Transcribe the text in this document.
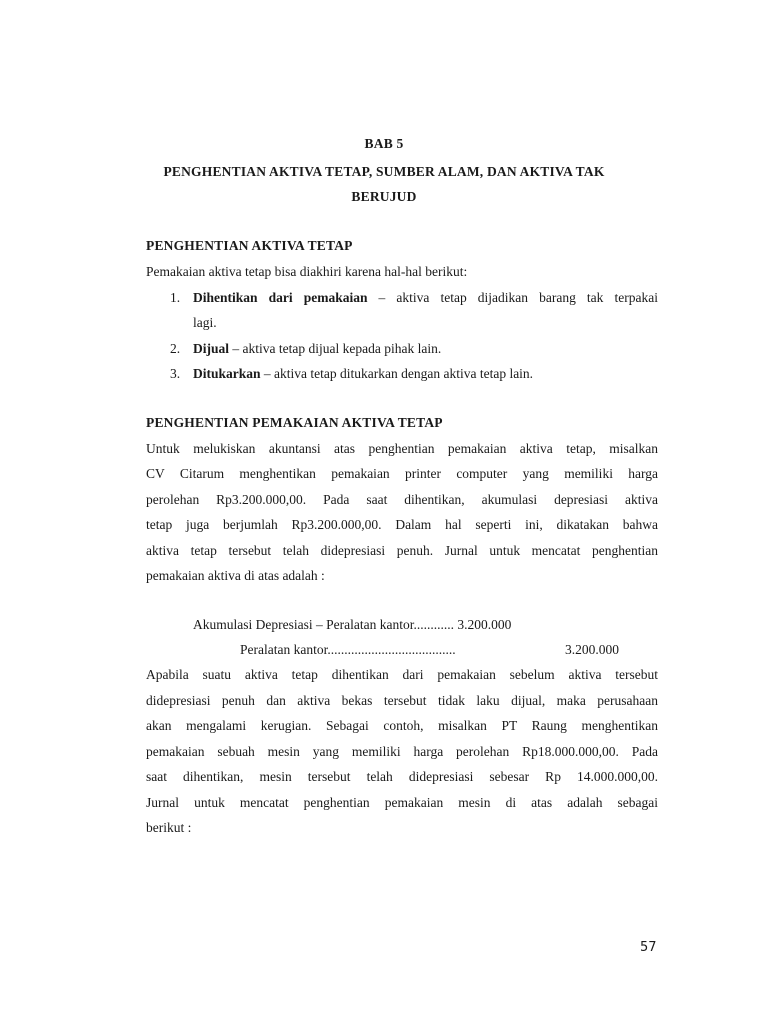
BAB 5
PENGHENTIAN AKTIVA TETAP, SUMBER ALAM, DAN AKTIVA TAK
BERUJUD
PENGHENTIAN AKTIVA TETAP
Pemakaian aktiva tetap bisa diakhiri karena hal-hal berikut:
1. Dihentikan dari pemakaian – aktiva tetap dijadikan barang tak terpakai
lagi.
2. Dijual – aktiva tetap dijual kepada pihak lain.
3. Ditukarkan – aktiva tetap ditukarkan dengan aktiva tetap lain.
PENGHENTIAN PEMAKAIAN AKTIVA TETAP
Untuk melukiskan akuntansi atas penghentian pemakaian aktiva tetap, misalkan
CV Citarum menghentikan pemakaian printer computer yang memiliki harga
perolehan Rp3.200.000,00. Pada saat dihentikan, akumulasi depresiasi aktiva
tetap juga berjumlah Rp3.200.000,00. Dalam hal seperti ini, dikatakan bahwa
aktiva tetap tersebut telah didepresiasi penuh. Jurnal untuk mencatat penghentian
pemakaian aktiva di atas adalah :
Akumulasi Depresiasi – Peralatan kantor............ 3.200.000
Peralatan kantor......................................	3.200.000
Apabila suatu aktiva tetap dihentikan dari pemakaian sebelum aktiva tersebut
didepresiasi penuh dan aktiva bekas tersebut tidak laku dijual, maka perusahaan
akan mengalami kerugian. Sebagai contoh, misalkan PT Raung menghentikan
pemakaian sebuah mesin yang memiliki harga perolehan Rp18.000.000,00. Pada
saat dihentikan, mesin tersebut telah didepresiasi sebesar Rp 14.000.000,00.
Jurnal untuk mencatat penghentian pemakaian mesin di atas adalah sebagai
berikut :
57
